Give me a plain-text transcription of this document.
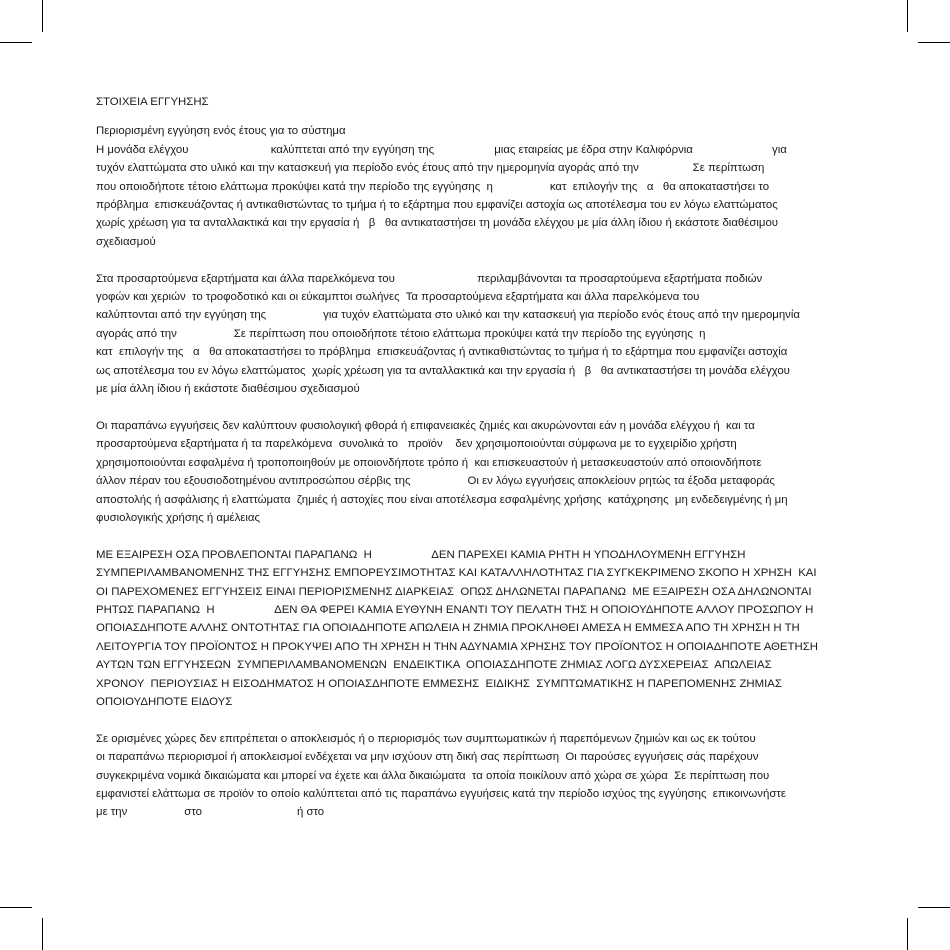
ΣΤΟΙΧΕΙΑ ΕΓΓΥΗΣΗΣ
Περιορισμένη εγγύηση ενός έτους για το σύστημα
Η μονάδα ελέγχου                          καλύπτεται από την εγγύηση της                   μιας εταιρείας με έδρα στην Καλιφόρνια                         για
τυχόν ελαττώματα στο υλικό και την κατασκευή για περίοδο ενός έτους από την ημερομηνία αγοράς από την                 Σε περίπτωση
που οποιοδήποτε τέτοιο ελάττωμα προκύψει κατά την περίοδο της εγγύησης  η                  κατ  επιλογήν της   α   θα αποκαταστήσει το
πρόβλημα  επισκευάζοντας ή αντικαθιστώντας το τμήμα ή το εξάρτημα που εμφανίζει αστοχία ως αποτέλεσμα του εν λόγω ελαττώματος
χωρίς χρέωση για τα ανταλλακτικά και την εργασία ή   β   θα αντικαταστήσει τη μονάδα ελέγχου με μία άλλη ίδιου ή εκάστοτε διαθέσιμου
σχεδιασμού
Στα προσαρτούμενα εξαρτήματα και άλλα παρελκόμενα του                          περιλαμβάνονται τα προσαρτούμενα εξαρτήματα ποδιών
γοφών και χεριών  το τροφοδοτικό και οι εύκαμπτοι σωλήνες  Τα προσαρτούμενα εξαρτήματα και άλλα παρελκόμενα του
καλύπτονται από την εγγύηση της                  για τυχόν ελαττώματα στο υλικό και την κατασκευή για περίοδο ενός έτους από την ημερομηνία
αγοράς από την                  Σε περίπτωση που οποιοδήποτε τέτοιο ελάττωμα προκύψει κατά την περίοδο της εγγύησης  η
κατ  επιλογήν της   α   θα αποκαταστήσει το πρόβλημα  επισκευάζοντας ή αντικαθιστώντας το τμήμα ή το εξάρτημα που εμφανίζει αστοχία
ως αποτέλεσμα του εν λόγω ελαττώματος  χωρίς χρέωση για τα ανταλλακτικά και την εργασία ή   β   θα αντικαταστήσει τη μονάδα ελέγχου
με μία άλλη ίδιου ή εκάστοτε διαθέσιμου σχεδιασμού
Οι παραπάνω εγγυήσεις δεν καλύπτουν φυσιολογική φθορά ή επιφανειακές ζημιές και ακυρώνονται εάν η μονάδα ελέγχου ή  και τα
προσαρτούμενα εξαρτήματα ή τα παρελκόμενα  συνολικά το   προϊόν    δεν χρησιμοποιούνται σύμφωνα με το εγχειρίδιο χρήστη
χρησιμοποιούνται εσφαλμένα ή τροποποιηθούν με οποιονδήποτε τρόπο ή  και επισκευαστούν ή μετασκευαστούν από οποιονδήποτε
άλλον πέραν του εξουσιοδοτημένου αντιπροσώπου σέρβις της                  Οι εν λόγω εγγυήσεις αποκλείουν ρητώς τα έξοδα μεταφοράς
αποστολής ή ασφάλισης ή ελαττώματα  ζημιές ή αστοχίες που είναι αποτέλεσμα εσφαλμένης χρήσης  κατάχρησης  μη ενδεδειγμένης ή μη
φυσιολογικής χρήσης ή αμέλειας
ΜΕ ΕΞΑΙΡΕΣΗ ΟΣΑ ΠΡΟΒΛΕΠΟΝΤΑΙ ΠΑΡΑΠΑΝΩ  Η                   ΔΕΝ ΠΑΡΕΧΕΙ ΚΑΜΙΑ ΡΗΤΗ Η ΥΠΟΔΗΛΟΥΜΕΝΗ ΕΓΓΥΗΣΗ
ΣΥΜΠΕΡΙΛΑΜΒΑΝΟΜΕΝΗΣ ΤΗΣ ΕΓΓΥΗΣΗΣ ΕΜΠΟΡΕΥΣΙΜΟΤΗΤΑΣ ΚΑΙ ΚΑΤΑΛΛΗΛΟΤΗΤΑΣ ΓΙΑ ΣΥΓΚΕΚΡΙΜΕΝΟ ΣΚΟΠΟ Η ΧΡΗΣΗ  ΚΑΙ
ΟΙ ΠΑΡΕΧΟΜΕΝΕΣ ΕΓΓΥΗΣΕΙΣ ΕΙΝΑΙ ΠΕΡΙΟΡΙΣΜΕΝΗΣ ΔΙΑΡΚΕΙΑΣ  ΟΠΩΣ ΔΗΛΩΝΕΤΑΙ ΠΑΡΑΠΑΝΩ  ΜΕ ΕΞΑΙΡΕΣΗ ΟΣΑ ΔΗΛΩΝΟΝΤΑΙ
ΡΗΤΩΣ ΠΑΡΑΠΑΝΩ  Η                   ΔΕΝ ΘΑ ΦΕΡΕΙ ΚΑΜΙΑ ΕΥΘΥΝΗ ΕΝΑΝΤΙ ΤΟΥ ΠΕΛΑΤΗ ΤΗΣ Η ΟΠΟΙΟΥΔΗΠΟΤΕ ΑΛΛΟΥ ΠΡΟΣΩΠΟΥ Η
ΟΠΟΙΑΣΔΗΠΟΤΕ ΑΛΛΗΣ ΟΝΤΟΤΗΤΑΣ ΓΙΑ ΟΠΟΙΑΔΗΠΟΤΕ ΑΠΩΛΕΙΑ Η ΖΗΜΙΑ ΠΡΟΚΛΗΘΕΙ ΑΜΕΣΑ Η ΕΜΜΕΣΑ ΑΠΟ ΤΗ ΧΡΗΣΗ Η ΤΗ
ΛΕΙΤΟΥΡΓΙΑ ΤΟΥ ΠΡΟΪΟΝΤΟΣ Η ΠΡΟΚΥΨΕΙ ΑΠΟ ΤΗ ΧΡΗΣΗ Η ΤΗΝ ΑΔΥΝΑΜΙΑ ΧΡΗΣΗΣ ΤΟΥ ΠΡΟΪΟΝΤΟΣ Η ΟΠΟΙΑΔΗΠΟΤΕ ΑΘΕΤΗΣΗ
ΑΥΤΩΝ ΤΩΝ ΕΓΓΥΗΣΕΩΝ  ΣΥΜΠΕΡΙΛΑΜΒΑΝΟΜΕΝΩΝ  ΕΝΔΕΙΚΤΙΚΑ  ΟΠΟΙΑΣΔΗΠΟΤΕ ΖΗΜΙΑΣ ΛΟΓΩ ΔΥΣΧΕΡΕΙΑΣ  ΑΠΩΛΕΙΑΣ
ΧΡΟΝΟΥ  ΠΕΡΙΟΥΣΙΑΣ Η ΕΙΣΟΔΗΜΑΤΟΣ Η ΟΠΟΙΑΣΔΗΠΟΤΕ ΕΜΜΕΣΗΣ  ΕΙΔΙΚΗΣ  ΣΥΜΠΤΩΜΑΤΙΚΗΣ Η ΠΑΡΕΠΟΜΕΝΗΣ ΖΗΜΙΑΣ
ΟΠΟΙΟΥΔΗΠΟΤΕ ΕΙΔΟΥΣ
Σε ορισμένες χώρες δεν επιτρέπεται ο αποκλεισμός ή ο περιορισμός των συμπτωματικών ή παρεπόμενων ζημιών και ως εκ τούτου
οι παραπάνω περιορισμοί ή αποκλεισμοί ενδέχεται να μην ισχύουν στη δική σας περίπτωση  Οι παρούσες εγγυήσεις σάς παρέχουν
συγκεκριμένα νομικά δικαιώματα και μπορεί να έχετε και άλλα δικαιώματα  τα οποία ποικίλουν από χώρα σε χώρα  Σε περίπτωση που
εμφανιστεί ελάττωμα σε προϊόν το οποίο καλύπτεται από τις παραπάνω εγγυήσεις κατά την περίοδο ισχύος της εγγύησης  επικοινωνήστε
με την                  στο                              ή στο
